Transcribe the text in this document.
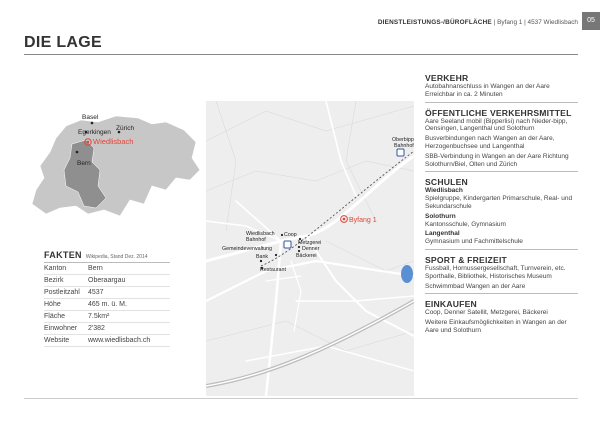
DIENSTLEISTUNGS-/BÜROFLÄCHE | Byfang 1 | 4537 Wiedlisbach	05
DIE LAGE
Basel
Zürich
Egerkingen
Wiedlisbach
Bern
FAKTEN Wikipedia, Stand Dez. 2014
Kanton	Bern
Bezirk	Oberaargau
Postleitzahl	4537
Höhe	465 m. ü. M.
Fläche	7.5km²
Einwohner	2'382
Website	www.wiedlisbach.ch
Oberbipp
Bahnhof
Byfang 1
Wiedlisbach
Bahnhof
Coop
Metzgerei
Denner
Gemeindeverwaltung
Bäckerei
Bank
Restaurant
VERKEHR
Autobahnanschluss in Wangen an der Aare Erreichbar in ca. 2 Minuten
ÖFFENTLICHE VERKEHRSMITTEL
Aare Seeland mobil (Bipperlisi) nach Nieder-bipp, Oensingen, Langenthal und Solothurn
Busverbindungen nach Wangen an der Aare, Herzogenbuchsee und Langenthal
SBB-Verbindung in Wangen an der Aare Richtung Solothurn/Biel, Olten und Zürich
SCHULEN
Wiedlisbach
Spielgruppe, Kindergarten Primarschule, Real- und Sekundarschule
Solothurn
Kantonsschule, Gymnasium
Langenthal
Gymnasium und Fachmittelschule
SPORT & FREIZEIT
Fussball, Hornussergesellschaft, Turnverein, etc. Sporthalle, Bibliothek, Historisches Museum
Schwimmbad Wangen an der Aare
EINKAUFEN
Coop, Denner Satellit, Metzgerei, Bäckerei
Weitere Einkaufsmöglichkeiten in Wangen an der Aare und Solothurn
